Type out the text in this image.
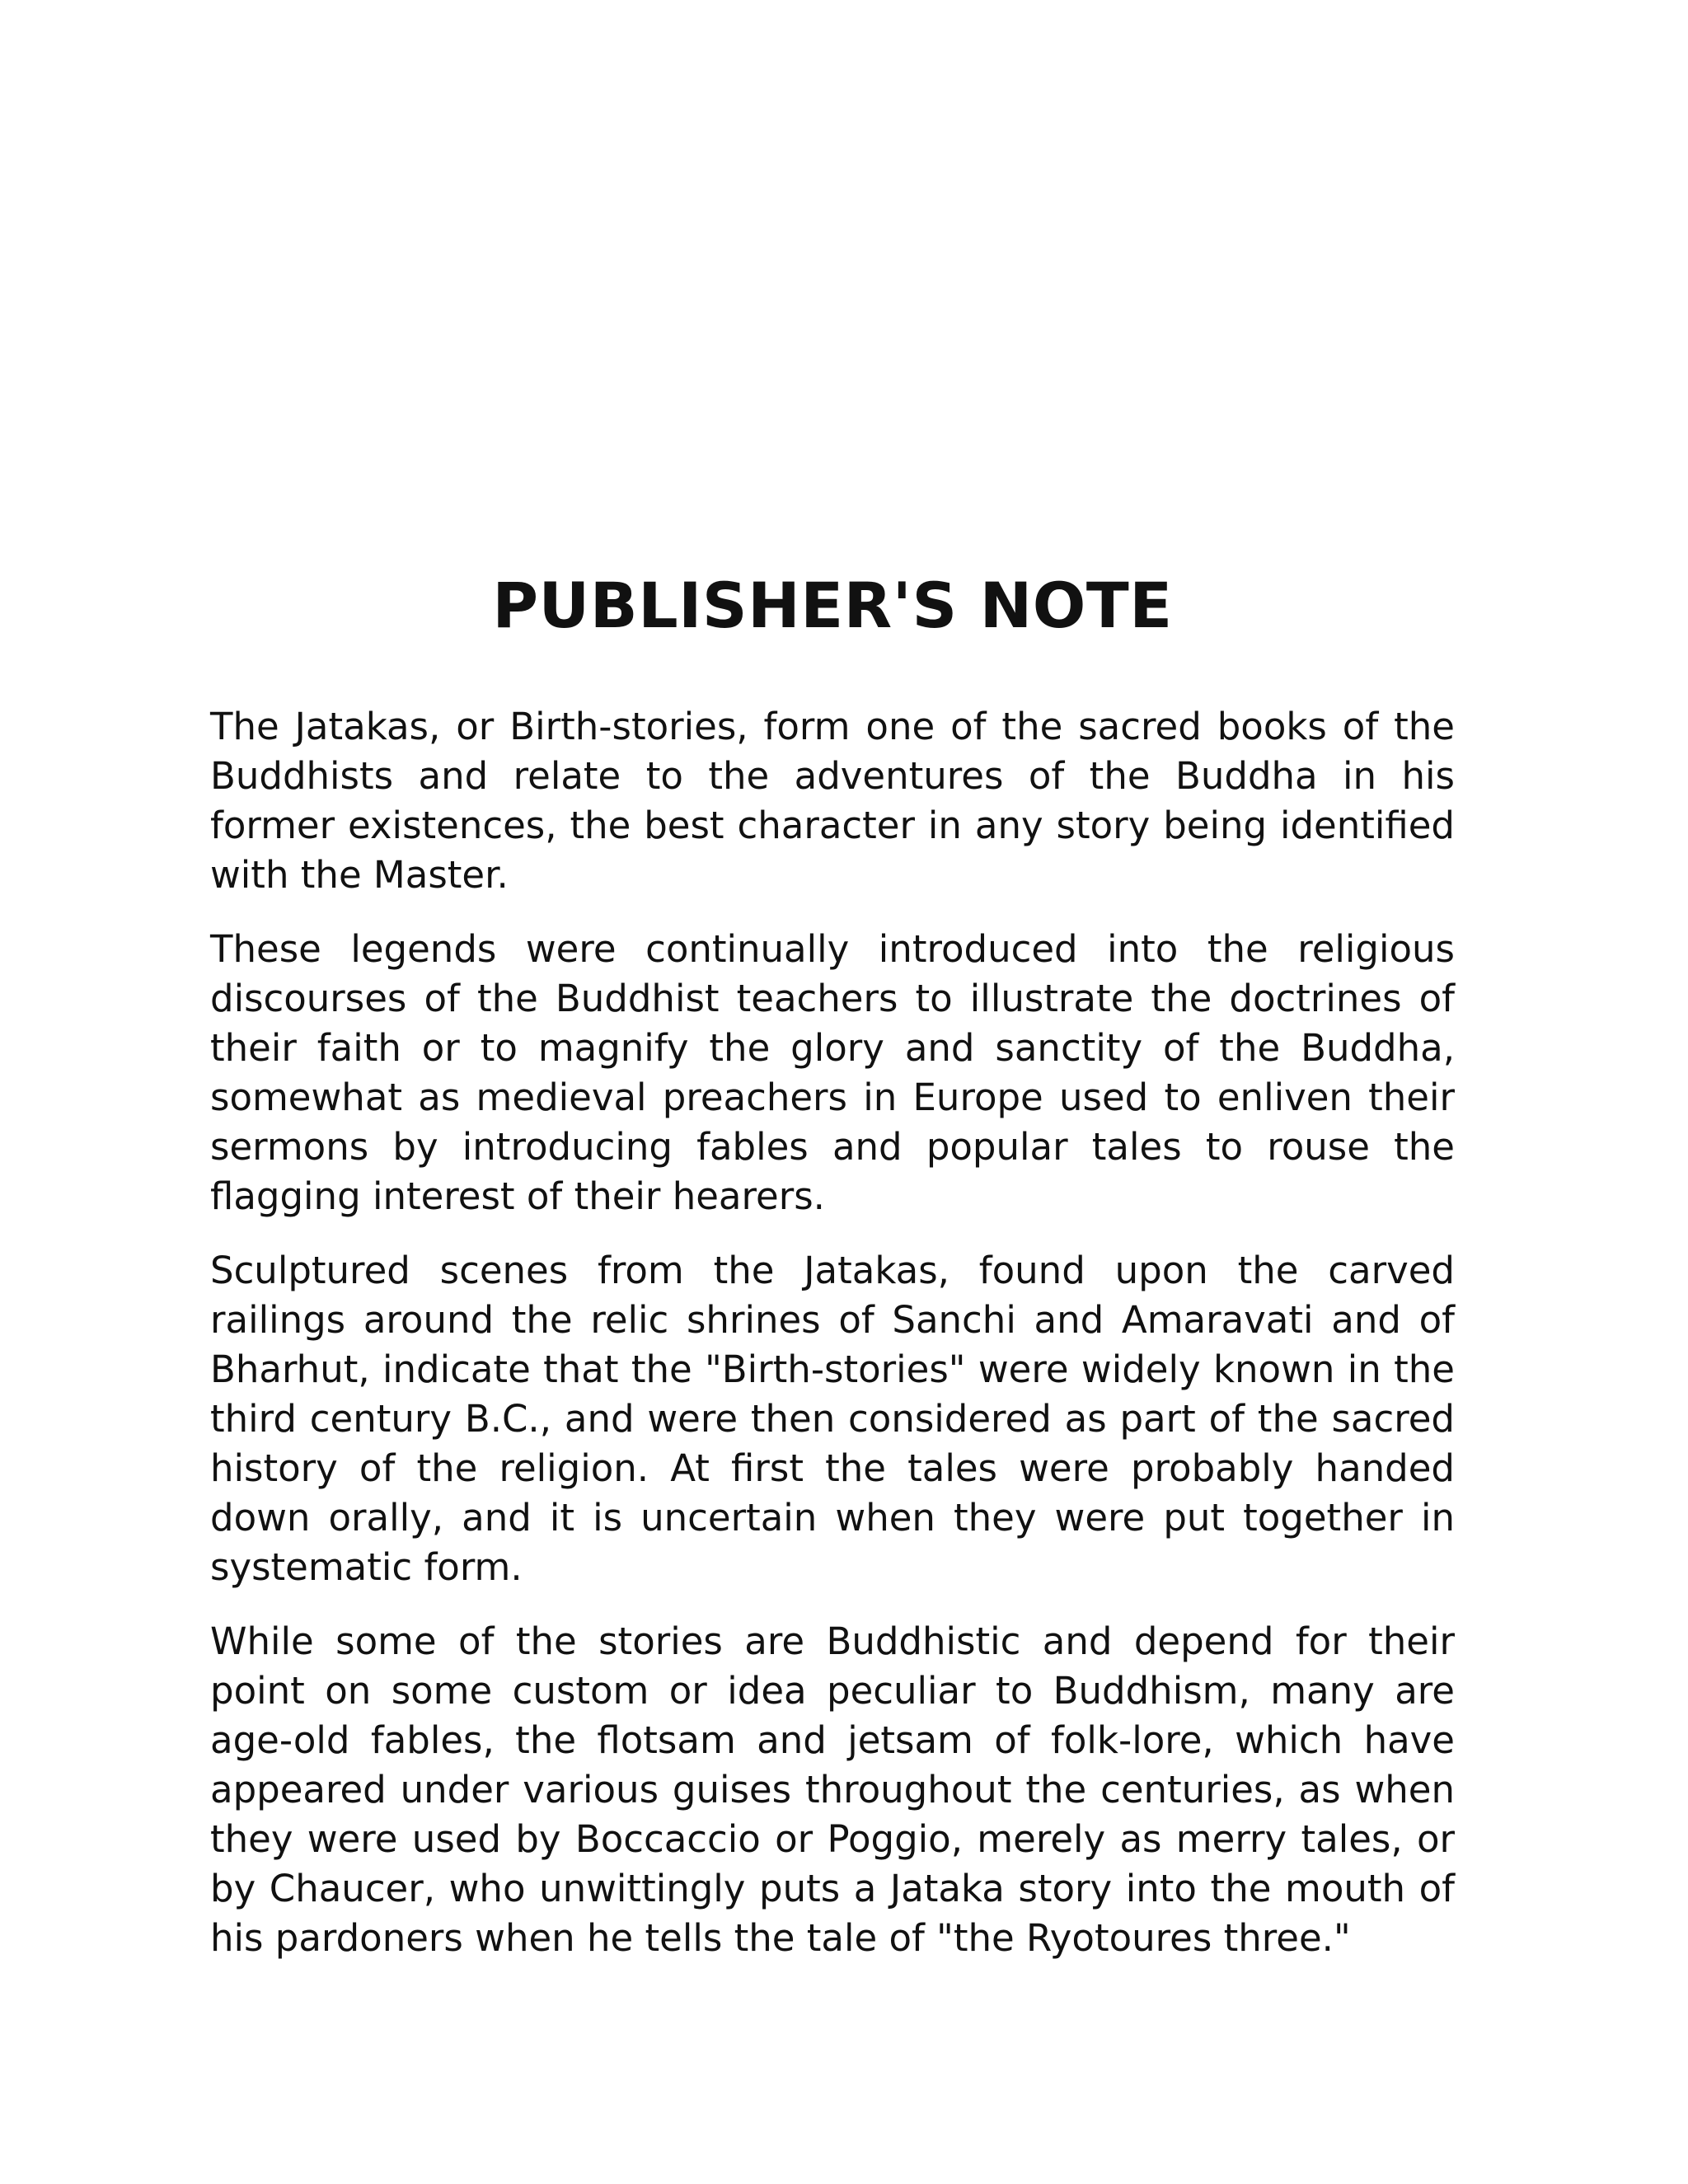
PUBLISHER'S NOTE

The Jatakas, or Birth-stories, form one of the sacred books of the Buddhists and relate to the adventures of the Buddha in his former existences, the best character in any story being identified with the Master.

These legends were continually introduced into the religious discourses of the Buddhist teachers to illustrate the doctrines of their faith or to magnify the glory and sanctity of the Buddha, somewhat as medieval preachers in Europe used to enliven their sermons by introducing fables and popular tales to rouse the flagging interest of their hearers.

Sculptured scenes from the Jatakas, found upon the carved railings around the relic shrines of Sanchi and Amaravati and of Bharhut, indicate that the "Birth-stories" were widely known in the third century B.C., and were then considered as part of the sacred history of the religion. At first the tales were probably handed down orally, and it is uncertain when they were put together in systematic form.

While some of the stories are Buddhistic and depend for their point on some custom or idea peculiar to Buddhism, many are age-old fables, the flotsam and jetsam of folk-lore, which have appeared under various guises throughout the centuries, as when they were used by Boccaccio or Poggio, merely as merry tales, or by Chaucer, who unwittingly puts a Jataka story into the mouth of his pardoners when he tells the tale of "the Ryotoures three."
